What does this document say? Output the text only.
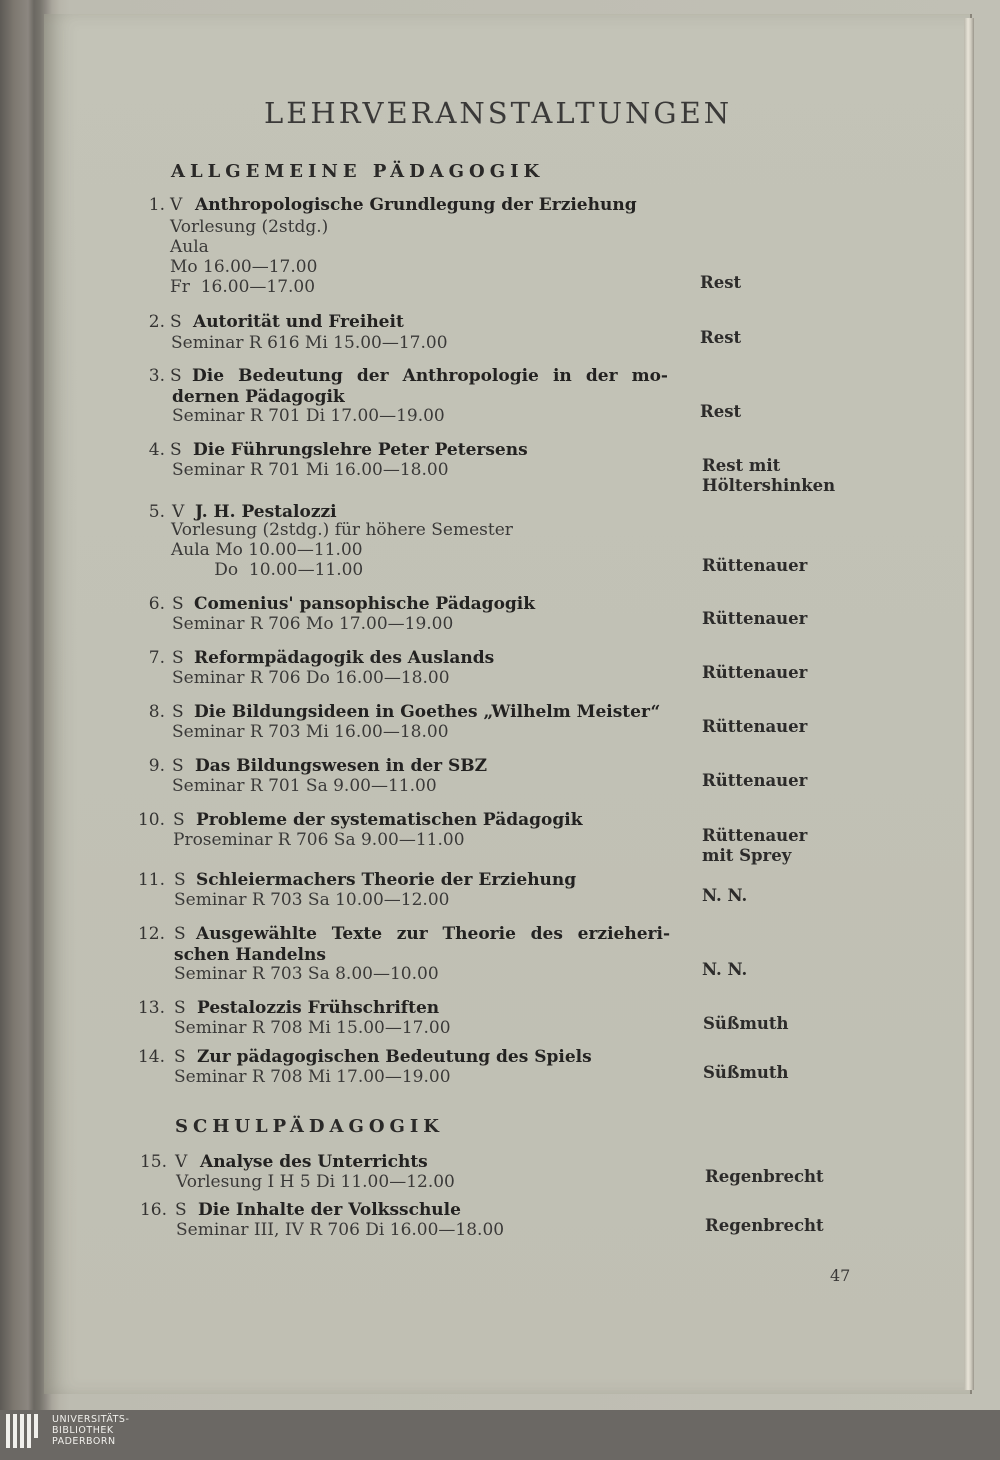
LEHRVERANSTALTUNGEN
ALLGEMEINE PÄDAGOGIK
SCHULPÄDAGOGIK
1. V Anthropologische Grundlegung der Erziehung
Vorlesung (2stdg.)
Aula
Mo 16.00—17.00
Fr  16.00—17.00	Rest
2. S Autorität und Freiheit
Seminar R 616 Mi 15.00—17.00	Rest
3. S Die Bedeutung der Anthropologie in der mo-
dernen Pädagogik
Seminar R 701 Di 17.00—19.00	Rest
4. S Die Führungslehre Peter Petersens
Seminar R 701 Mi 16.00—18.00	Rest mit
Höltershinken
5. V J. H. Pestalozzi
Vorlesung (2stdg.) für höhere Semester
Aula Mo 10.00—11.00
Do  10.00—11.00	Rüttenauer
6. S Comenius' pansophische Pädagogik
Seminar R 706 Mo 17.00—19.00	Rüttenauer
7. S Reformpädagogik des Auslands
Seminar R 706 Do 16.00—18.00	Rüttenauer
8. S Die Bildungsideen in Goethes „Wilhelm Meister“
Seminar R 703 Mi 16.00—18.00	Rüttenauer
9. S Das Bildungswesen in der SBZ
Seminar R 701 Sa 9.00—11.00	Rüttenauer
10. S Probleme der systematischen Pädagogik
Proseminar R 706 Sa 9.00—11.00	Rüttenauer
mit Sprey
11. S Schleiermachers Theorie der Erziehung
Seminar R 703 Sa 10.00—12.00	N. N.
12. S Ausgewählte Texte zur Theorie des erzieheri-
schen Handelns
Seminar R 703 Sa 8.00—10.00	N. N.
13. S Pestalozzis Frühschriften
Seminar R 708 Mi 15.00—17.00	Süßmuth
14. S Zur pädagogischen Bedeutung des Spiels
Seminar R 708 Mi 17.00—19.00	Süßmuth
15. V Analyse des Unterrichts
Vorlesung I H 5 Di 11.00—12.00	Regenbrecht
16. S Die Inhalte der Volksschule
Seminar III, IV R 706 Di 16.00—18.00	Regenbrecht
47
UNIVERSITÄTS-
BIBLIOTHEK
PADERBORN
